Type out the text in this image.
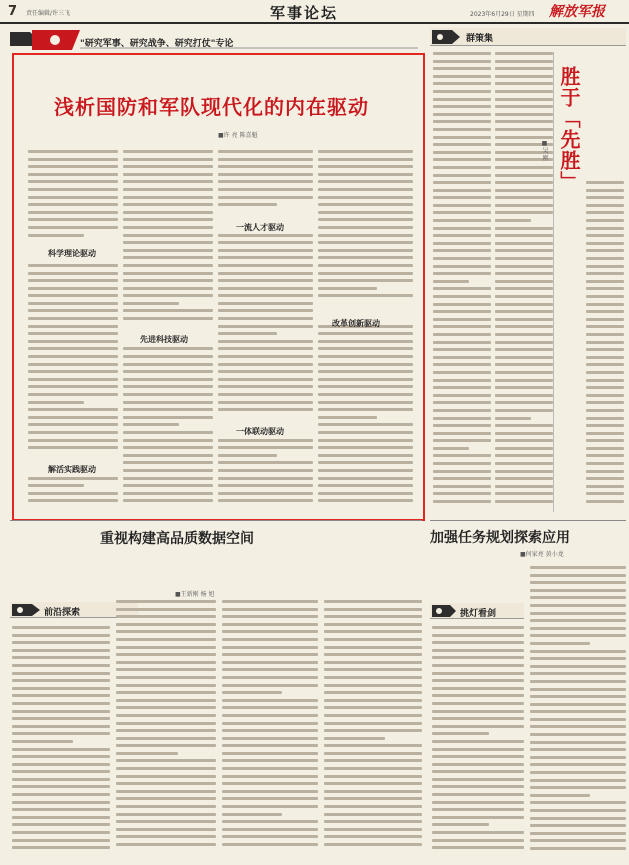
7 责任编辑/许三飞	军事论坛	2023年6月29日 星期四 解放军报
"研究军事、研究战争、研究打仗"专论
浅析国防和军队现代化的内在驱动
■许 亮 陈喜魁
科学理论驱动
解活实践驱动
先进科技驱动
一流人才驱动
一体联动驱动
改革创新驱动
群策集
胜于「先胜」
■吴 刚
加强任务规划探索应用
■何家亮 黄小龙
重视构建高品质数据空间
■王新刚 杨 旭
前沿探索	挑灯看剑
